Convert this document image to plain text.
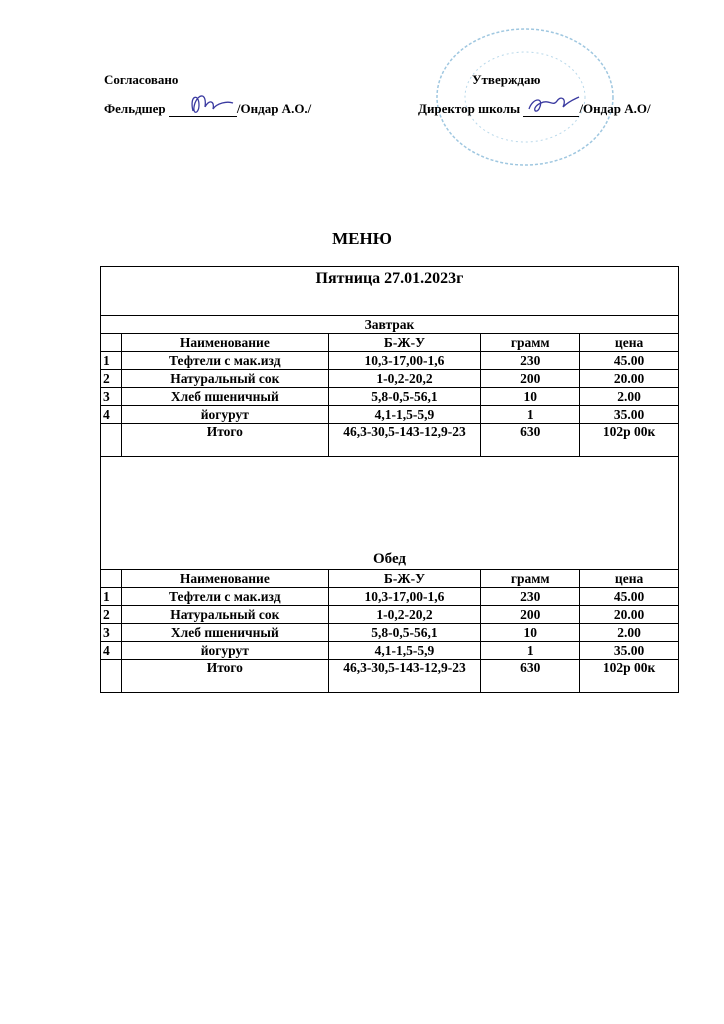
Согласовано
Фельдшер	/Ондар А.О./
Утверждаю
Директор школы	/Ондар А.О/
МЕНЮ
Пятница 27.01.2023г				
Завтрак				
	Наименование	Б-Ж-У	грамм	цена
1	Тефтели с мак.изд	10,3-17,00-1,6	230	45.00
2	Натуральный сок	1-0,2-20,2	200	20.00
3	Хлеб пшеничный	5,8-0,5-56,1	10	2.00
4	йогурут	4,1-1,5-5,9	1	35.00
	Итого	46,3-30,5-143-12,9-23	630	102р 00к
Обед				
	Наименование	Б-Ж-У	грамм	цена
1	Тефтели с мак.изд	10,3-17,00-1,6	230	45.00
2	Натуральный сок	1-0,2-20,2	200	20.00
3	Хлеб пшеничный	5,8-0,5-56,1	10	2.00
4	йогурут	4,1-1,5-5,9	1	35.00
	Итого	46,3-30,5-143-12,9-23	630	102р 00к
